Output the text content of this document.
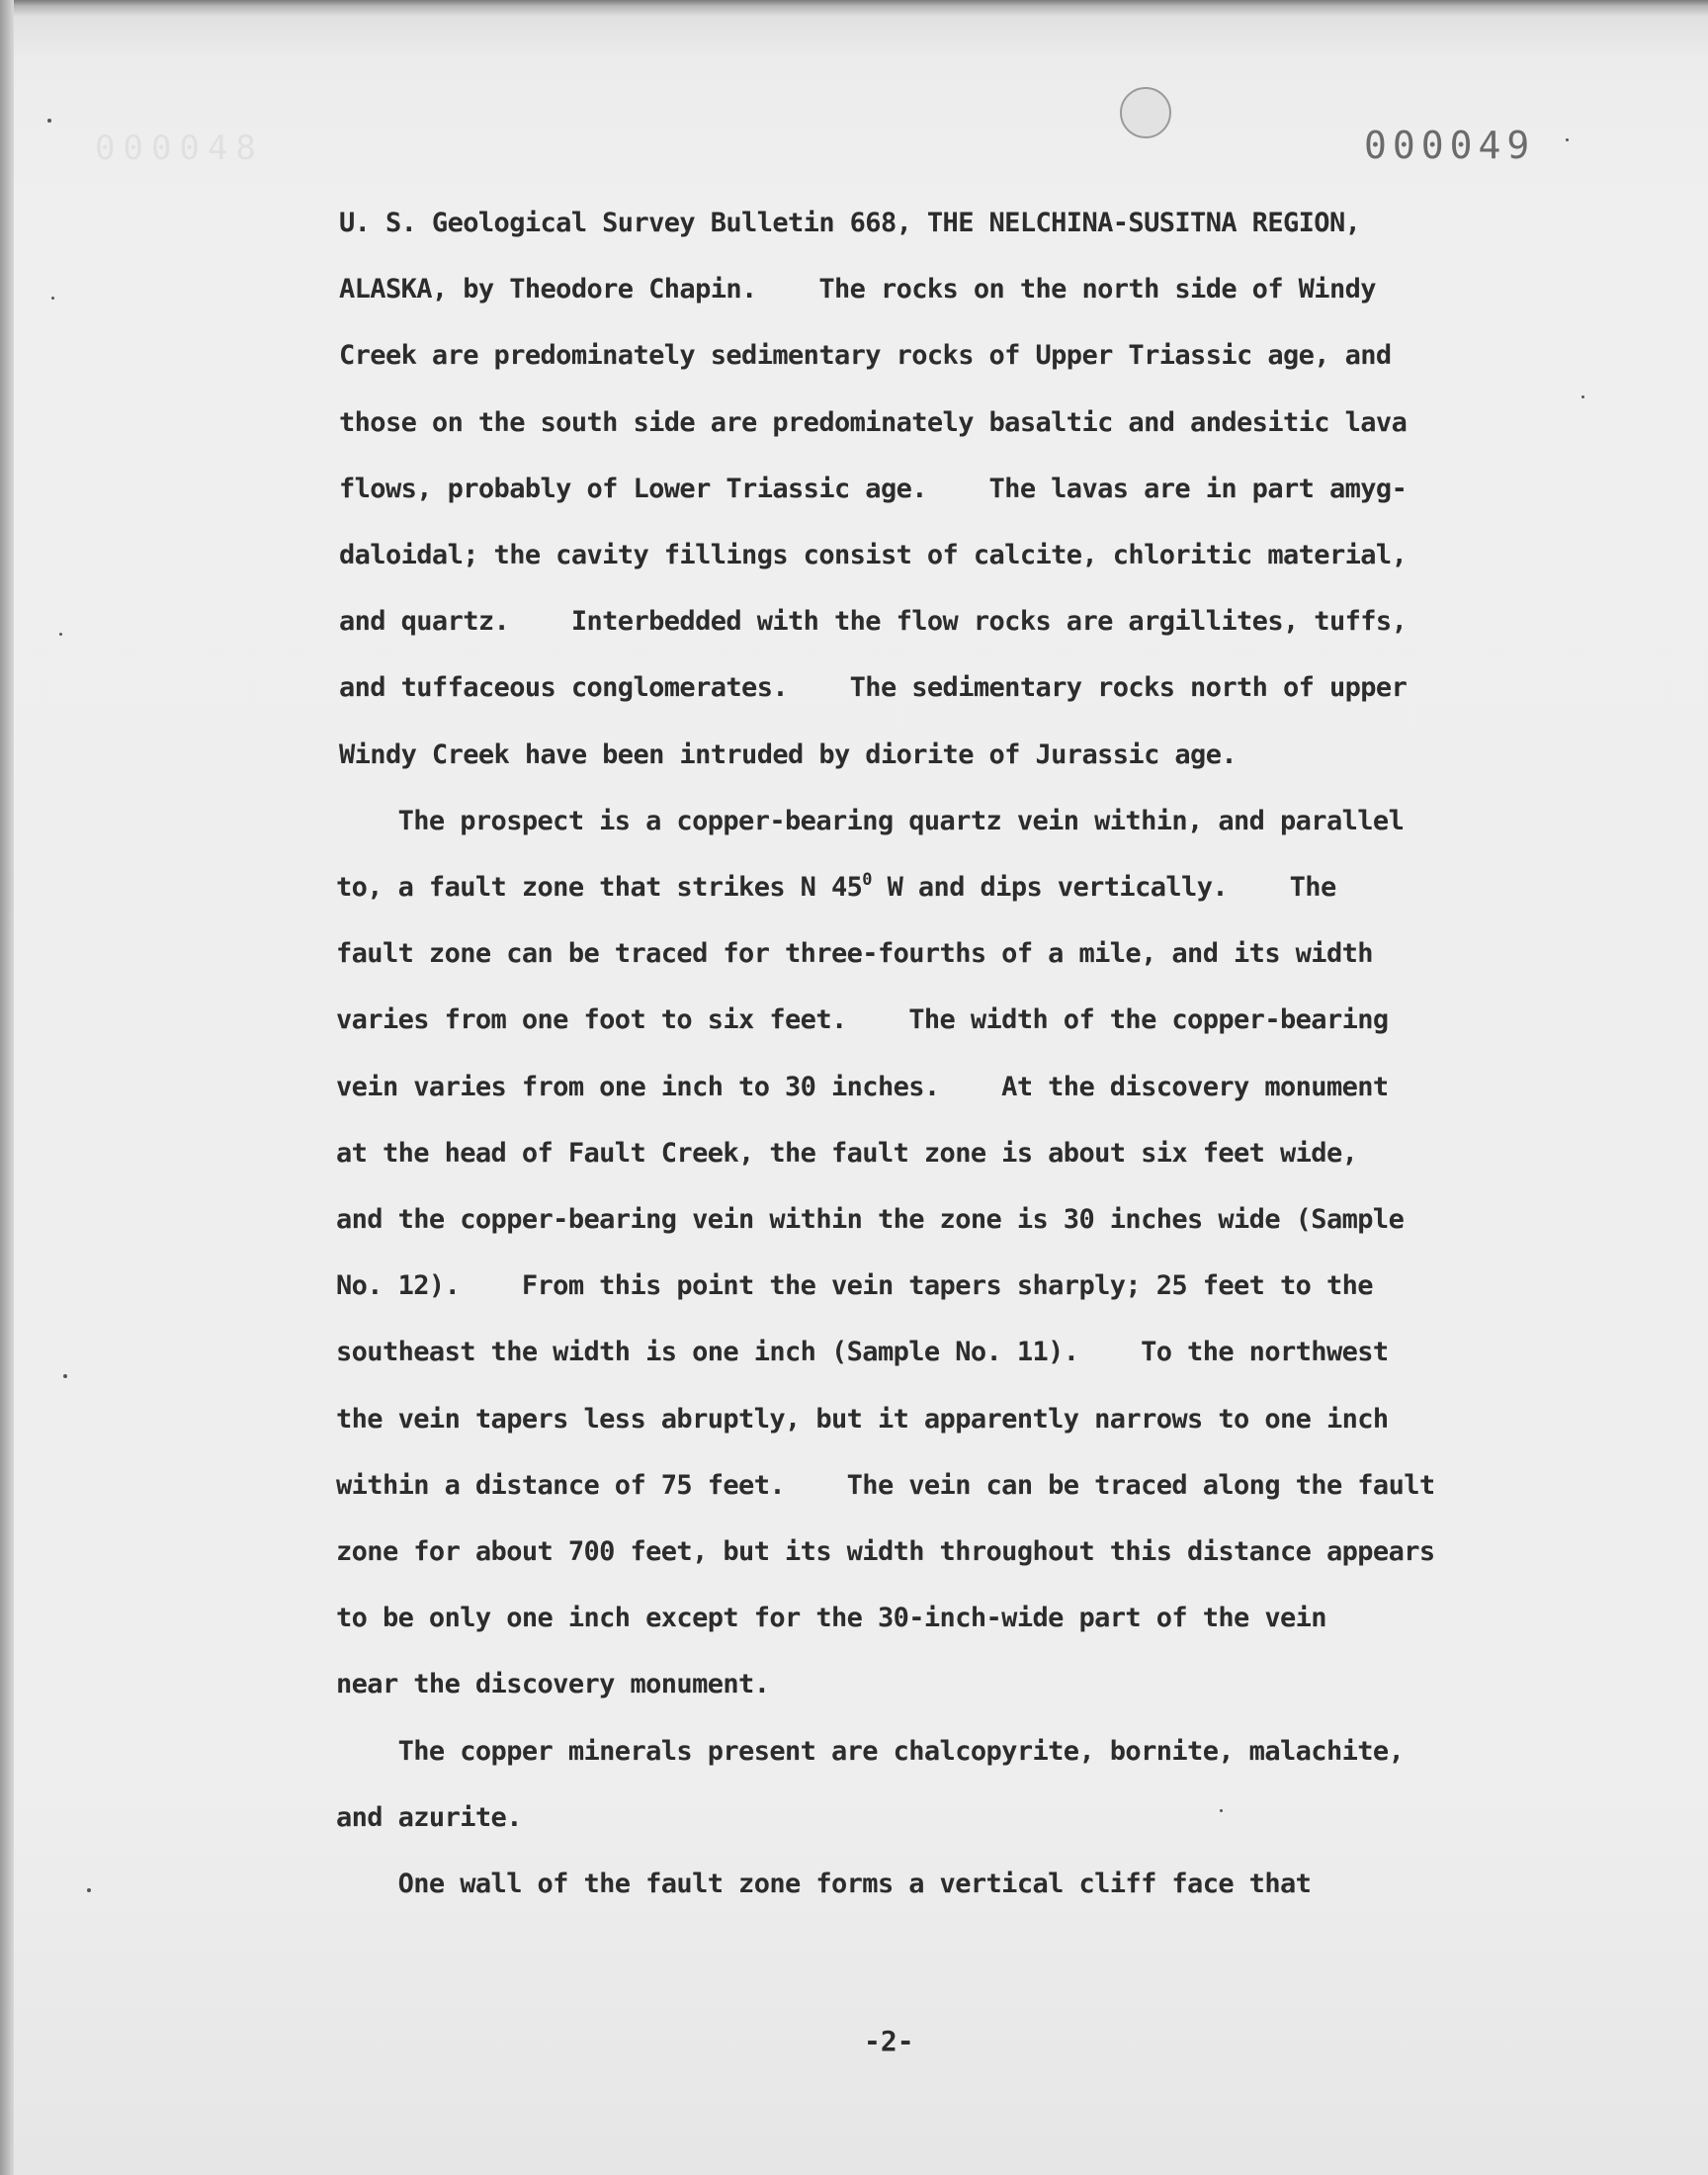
000048	000049
U. S. Geological Survey Bulletin 668, THE NELCHINA-SUSITNA REGION,
ALASKA, by Theodore Chapin.    The rocks on the north side of Windy
Creek are predominately sedimentary rocks of Upper Triassic age, and
those on the south side are predominately basaltic and andesitic lava
flows, probably of Lower Triassic age.    The lavas are in part amyg-
daloidal; the cavity fillings consist of calcite, chloritic material,
and quartz.    Interbedded with the flow rocks are argillites, tuffs,
and tuffaceous conglomerates.    The sedimentary rocks north of upper
Windy Creek have been intruded by diorite of Jurassic age.
The prospect is a copper-bearing quartz vein within, and parallel
to, a fault zone that strikes N $45^0$ W and dips vertically.    The
fault zone can be traced for three-fourths of a mile, and its width
varies from one foot to six feet.    The width of the copper-bearing
vein varies from one inch to 30 inches.    At the discovery monument
at the head of Fault Creek, the fault zone is about six feet wide,
and the copper-bearing vein within the zone is 30 inches wide (Sample
No. 12).    From this point the vein tapers sharply; 25 feet to the
southeast the width is one inch (Sample No. 11).    To the northwest
the vein tapers less abruptly, but it apparently narrows to one inch
within a distance of 75 feet.    The vein can be traced along the fault
zone for about 700 feet, but its width throughout this distance appears
to be only one inch except for the 30-inch-wide part of the vein
near the discovery monument.
The copper minerals present are chalcopyrite, bornite, malachite,
and azurite.
One wall of the fault zone forms a vertical cliff face that
-2-
